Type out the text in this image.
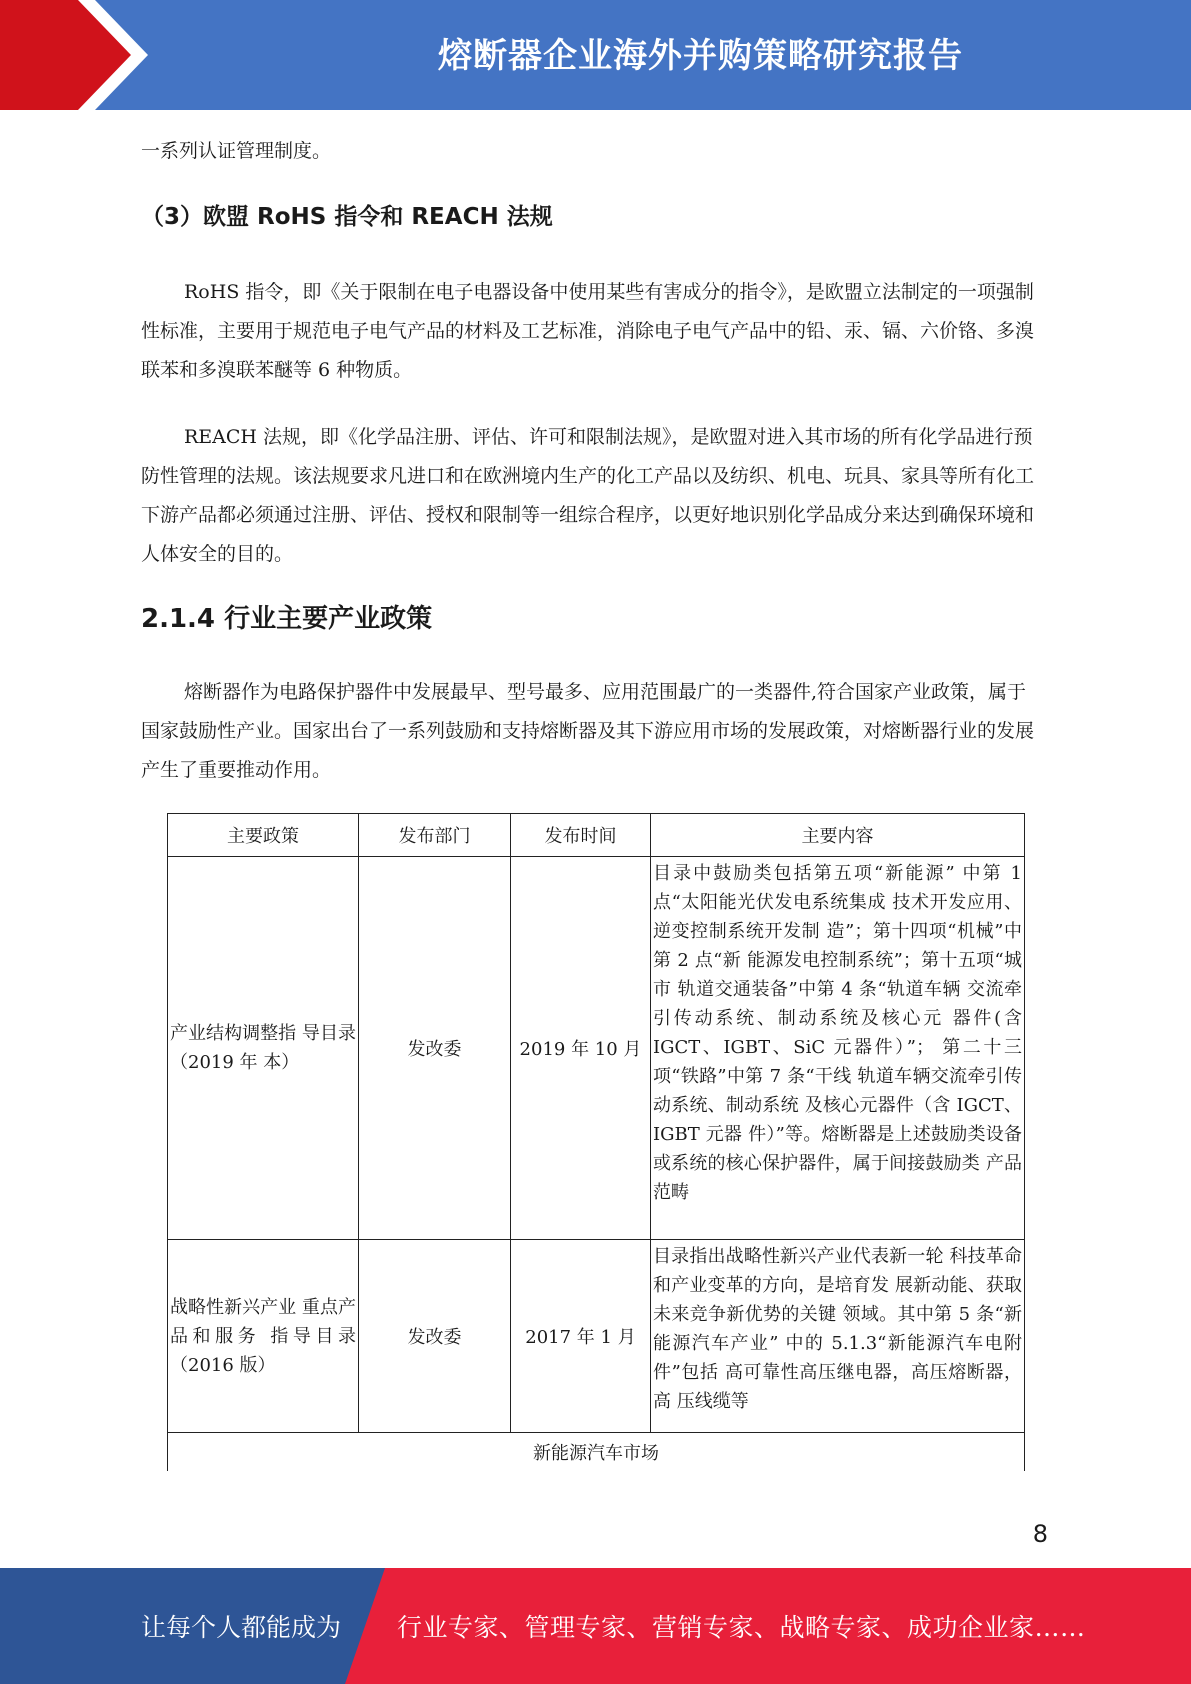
熔断器企业海外并购策略研究报告

一系列认证管理制度。

（3）欧盟 RoHS 指令和 REACH 法规

RoHS 指令，即《关于限制在电子电器设备中使用某些有害成分的指令》，是欧盟立法制定的一项强制性标准，主要用于规范电子电气产品的材料及工艺标准，消除电子电气产品中的铅、汞、镉、六价铬、多溴联苯和多溴联苯醚等 6 种物质。

REACH 法规，即《化学品注册、评估、许可和限制法规》，是欧盟对进入其市场的所有化学品进行预防性管理的法规。该法规要求凡进口和在欧洲境内生产的化工产品以及纺织、机电、玩具、家具等所有化工下游产品都必须通过注册、评估、授权和限制等一组综合程序，以更好地识别化学品成分来达到确保环境和人体安全的目的。

2.1.4 行业主要产业政策

熔断器作为电路保护器件中发展最早、型号最多、应用范围最广的一类器件,符合国家产业政策，属于国家鼓励性产业。国家出台了一系列鼓励和支持熔断器及其下游应用市场的发展政策，对熔断器行业的发展产生了重要推动作用。

主要政策	发布部门	发布时间	主要内容
产业结构调整指 导目录（2019 年 本）	发改委	2019 年 10 月	目录中鼓励类包括第五项“新能源” 中第 1 点“太阳能光伏发电系统集成 技术开发应用、逆变控制系统开发制 造”；第十四项“机械”中第 2 点“新 能源发电控制系统”；第十五项“城市 轨道交通装备”中第 4 条“轨道车辆 交流牵引传动系统、制动系统及核心元 器件(含 IGCT、IGBT、SiC 元器件）”； 第二十三项“铁路”中第 7 条“干线 轨道车辆交流牵引传动系统、制动系统 及核心元器件（含 IGCT、IGBT 元器 件）”等。熔断器是上述鼓励类设备或系统的核心保护器件，属于间接鼓励类 产品范畴
战略性新兴产业 重点产品和服务 指导目录（2016 版）	发改委	2017 年 1 月	目录指出战略性新兴产业代表新一轮 科技革命和产业变革的方向，是培育发 展新动能、获取未来竞争新优势的关键 领域。其中第 5 条“新能源汽车产业” 中的 5.1.3“新能源汽车电附件”包括 高可靠性高压继电器，高压熔断器，高 压线缆等
新能源汽车市场			
8
让每个人都能成为 行业专家、管理专家、营销专家、战略专家、成功企业家……
